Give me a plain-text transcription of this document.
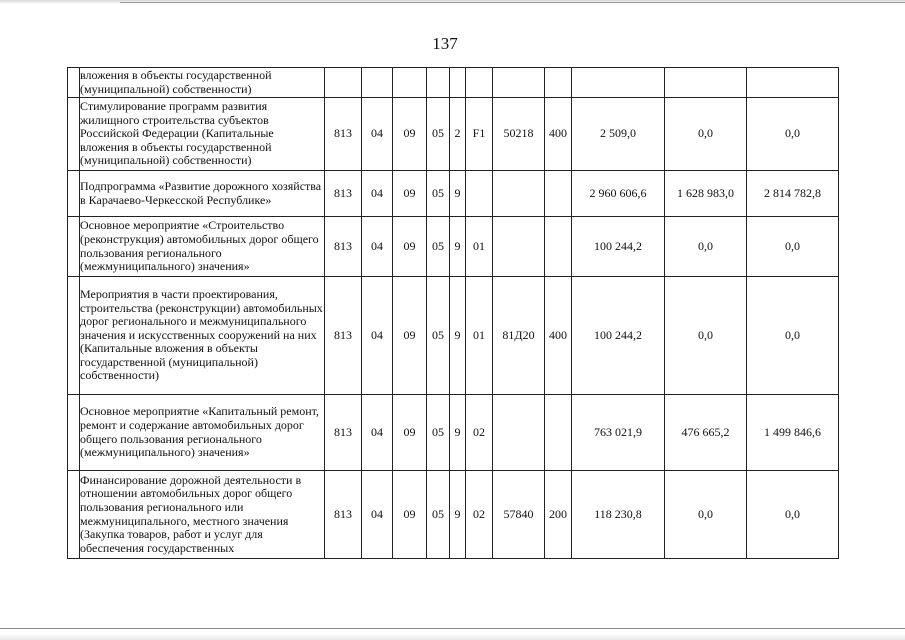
137
	вложения в объекты государственной (муниципальной) собственности)											
	Стимулирование программ развития жилищного строительства субъектов Российской Федерации (Капитальные вложения в объекты государственной (муниципальной) собственности)	813	04	09	05	2	F1	50218	400	2 509,0	0,0	0,0
	Подпрограмма «Развитие дорожного хозяйства в Карачаево-Черкесской Республике»	813	04	09	05	9				2 960 606,6	1 628 983,0	2 814 782,8
	Основное мероприятие «Строительство (реконструкция) автомобильных дорог общего пользования регионального (межмуниципального) значения»	813	04	09	05	9	01			100 244,2	0,0	0,0
	Мероприятия в части проектирования, строительства (реконструкции) автомобильных дорог регионального и межмуниципального значения и искусственных сооружений на них (Капитальные вложения в объекты государственной (муниципальной) собственности)	813	04	09	05	9	01	81Д20	400	100 244,2	0,0	0,0
	Основное мероприятие «Капитальный ремонт, ремонт и содержание автомобильных дорог общего пользования регионального (межмуниципального) значения»	813	04	09	05	9	02			763 021,9	476 665,2	1 499 846,6
	Финансирование дорожной деятельности в отношении автомобильных дорог общего пользования регионального или межмуниципального, местного значения (Закупка товаров, работ и услуг для обеспечения государственных	813	04	09	05	9	02	57840	200	118 230,8	0,0	0,0
